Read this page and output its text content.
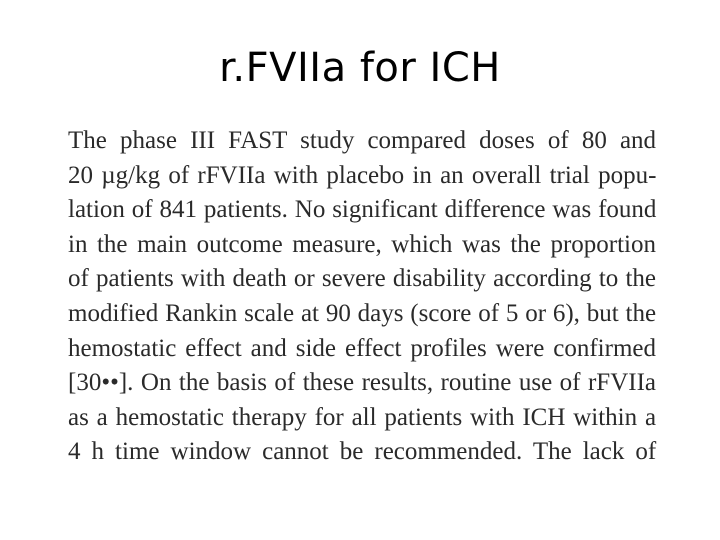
r.FVIIa for ICH
The phase III FAST study compared doses of 80 and
20 µg/kg of rFVIIa with placebo in an overall trial popu-
lation of 841 patients. No significant difference was found
in the main outcome measure, which was the proportion
of patients with death or severe disability according to the
modified Rankin scale at 90 days (score of 5 or 6), but the
hemostatic effect and side effect profiles were confirmed
[30••]. On the basis of these results, routine use of rFVIIa
as a hemostatic therapy for all patients with ICH within a
4 h time window cannot be recommended. The lack of
